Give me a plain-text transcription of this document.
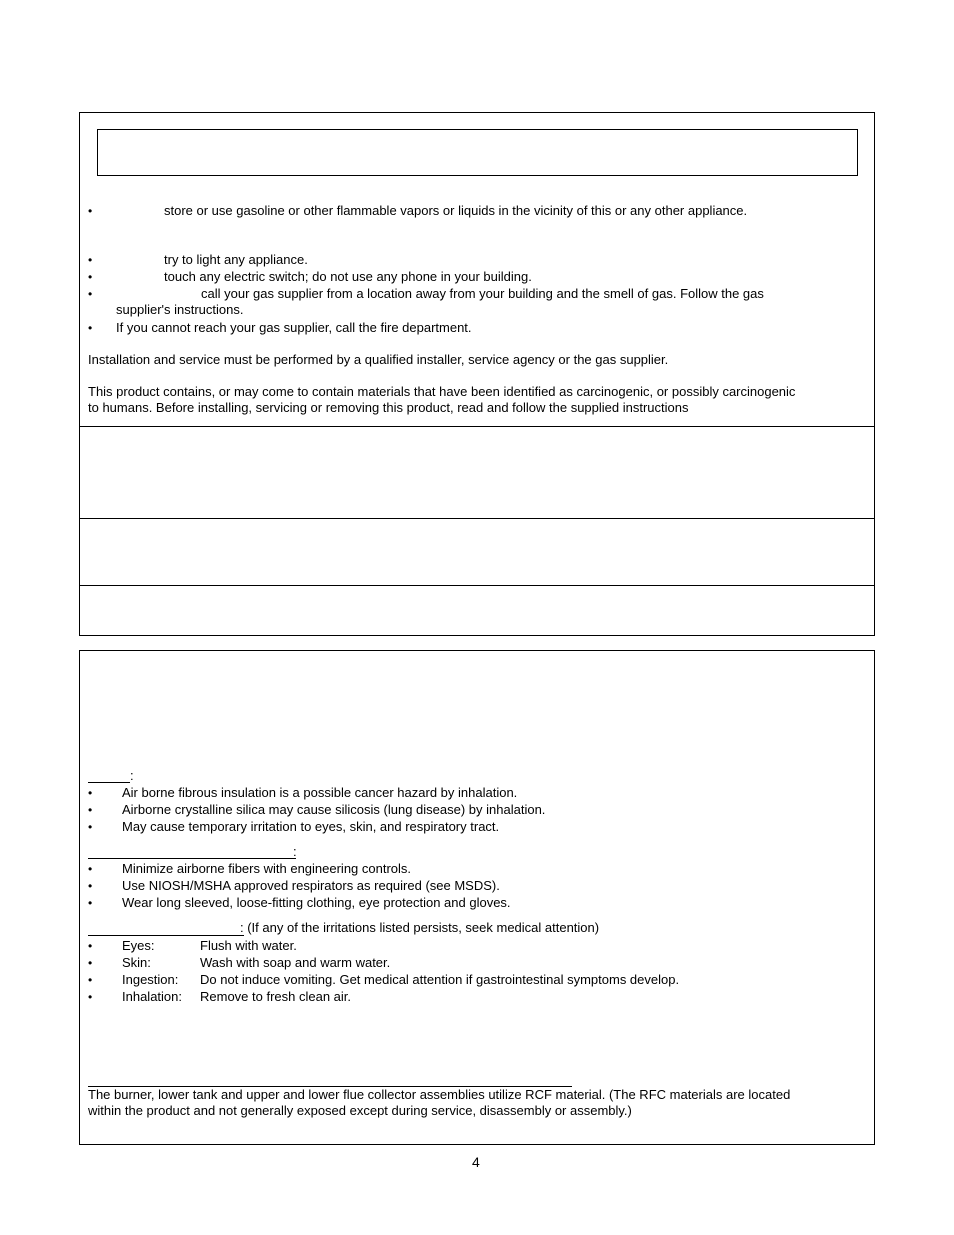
•	store or use gasoline or other flammable vapors or liquids in the vicinity of this or any other appliance.
•	try to light any appliance.
•	touch any electric switch; do not use any phone in your building.
•	call your gas supplier from a location away from your building and the smell of gas. Follow the gas
supplier's instructions.
• If you cannot reach your gas supplier, call the fire department.
Installation and service must be performed by a qualified installer, service agency or the gas supplier.
This product contains, or may come to contain materials that have been identified as carcinogenic, or possibly carcinogenic
to humans. Before installing, servicing or removing this product, read and follow the supplied instructions
:
• Air borne fibrous insulation is a possible cancer hazard by inhalation.
• Airborne crystalline silica may cause silicosis (lung disease) by inhalation.
• May cause temporary irritation to eyes, skin, and respiratory tract.
:
• Minimize airborne fibers with engineering controls.
• Use NIOSH/MSHA approved respirators as required (see MSDS).
• Wear long sleeved, loose-fitting clothing, eye protection and gloves.
: (If any of the irritations listed persists, seek medical attention)
• Eyes:	Flush with water.
• Skin:	Wash with soap and warm water.
• Ingestion: Do not induce vomiting. Get medical attention if gastrointestinal symptoms develop.
• Inhalation: Remove to fresh clean air.
The burner, lower tank and upper and lower flue collector assemblies utilize RCF material. (The RFC materials are located
within the product and not generally exposed except during service, disassembly or assembly.)
4
